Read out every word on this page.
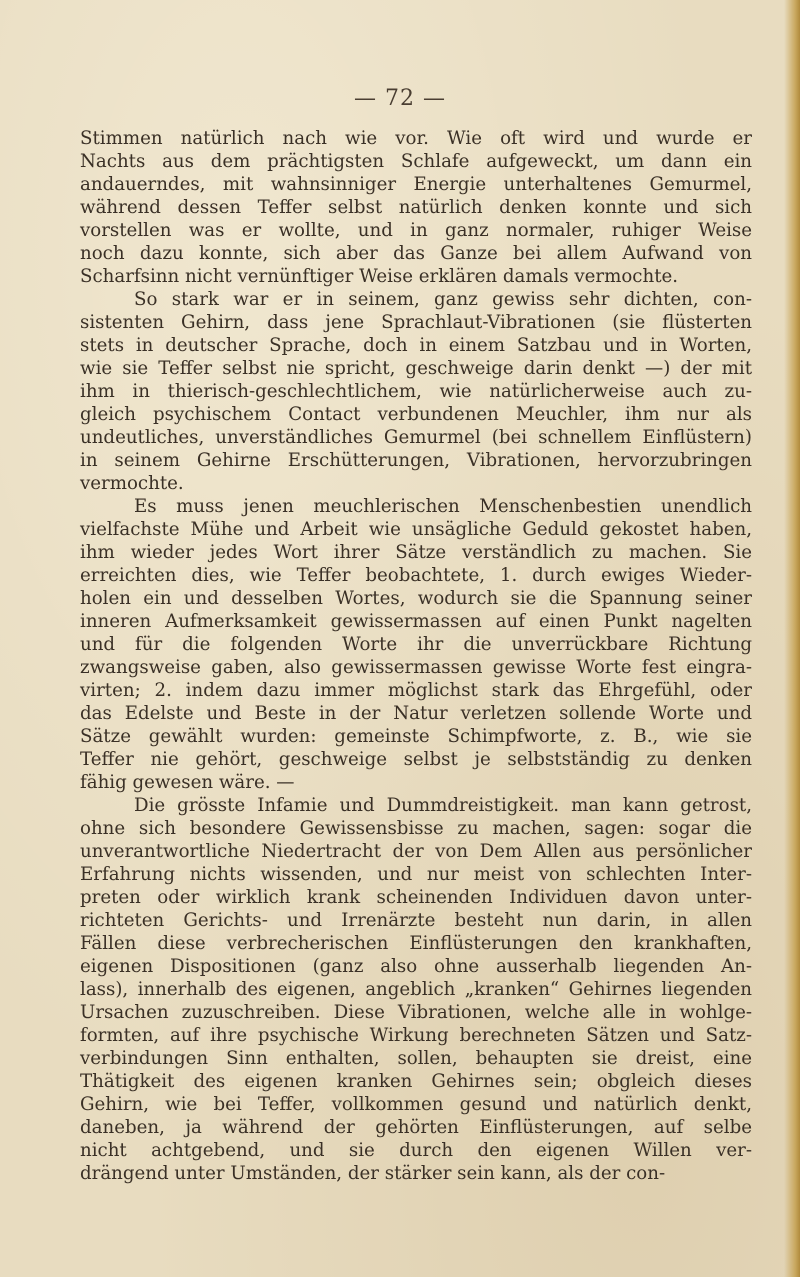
— 72 —
Stimmen natürlich nach wie vor. Wie oft wird und wurde er
Nachts aus dem prächtigsten Schlafe aufgeweckt, um dann ein
andauerndes, mit wahnsinniger Energie unterhaltenes Gemurmel,
während dessen Teffer selbst natürlich denken konnte und sich
vorstellen was er wollte, und in ganz normaler, ruhiger Weise
noch dazu konnte, sich aber das Ganze bei allem Aufwand von
Scharfsinn nicht vernünftiger Weise erklären damals vermochte.
So stark war er in seinem, ganz gewiss sehr dichten, con-
sistenten Gehirn, dass jene Sprachlaut-Vibrationen (sie flüsterten
stets in deutscher Sprache, doch in einem Satzbau und in Worten,
wie sie Teffer selbst nie spricht, geschweige darin denkt —) der mit
ihm in thierisch-geschlechtlichem, wie natürlicherweise auch zu-
gleich psychischem Contact verbundenen Meuchler, ihm nur als
undeutliches, unverständliches Gemurmel (bei schnellem Einflüstern)
in seinem Gehirne Erschütterungen, Vibrationen, hervorzubringen
vermochte.
Es muss jenen meuchlerischen Menschenbestien unendlich
vielfachste Mühe und Arbeit wie unsägliche Geduld gekostet haben,
ihm wieder jedes Wort ihrer Sätze verständlich zu machen. Sie
erreichten dies, wie Teffer beobachtete, 1. durch ewiges Wieder-
holen ein und desselben Wortes, wodurch sie die Spannung seiner
inneren Aufmerksamkeit gewissermassen auf einen Punkt nagelten
und für die folgenden Worte ihr die unverrückbare Richtung
zwangsweise gaben, also gewissermassen gewisse Worte fest eingra-
virten; 2. indem dazu immer möglichst stark das Ehrgefühl, oder
das Edelste und Beste in der Natur verletzen sollende Worte und
Sätze gewählt wurden: gemeinste Schimpfworte, z. B., wie sie
Teffer nie gehört, geschweige selbst je selbstständig zu denken
fähig gewesen wäre. —
Die grösste Infamie und Dummdreistigkeit. man kann getrost,
ohne sich besondere Gewissensbisse zu machen, sagen: sogar die
unverantwortliche Niedertracht der von Dem Allen aus persönlicher
Erfahrung nichts wissenden, und nur meist von schlechten Inter-
preten oder wirklich krank scheinenden Individuen davon unter-
richteten Gerichts- und Irrenärzte besteht nun darin, in allen
Fällen diese verbrecherischen Einflüsterungen den krankhaften,
eigenen Dispositionen (ganz also ohne ausserhalb liegenden An-
lass), innerhalb des eigenen, angeblich „kranken“ Gehirnes liegenden
Ursachen zuzuschreiben. Diese Vibrationen, welche alle in wohlge-
formten, auf ihre psychische Wirkung berechneten Sätzen und Satz-
verbindungen Sinn enthalten, sollen, behaupten sie dreist, eine
Thätigkeit des eigenen kranken Gehirnes sein; obgleich dieses
Gehirn, wie bei Teffer, vollkommen gesund und natürlich denkt,
daneben, ja während der gehörten Einflüsterungen, auf selbe
nicht achtgebend, und sie durch den eigenen Willen ver-
drängend unter Umständen, der stärker sein kann, als der con-
